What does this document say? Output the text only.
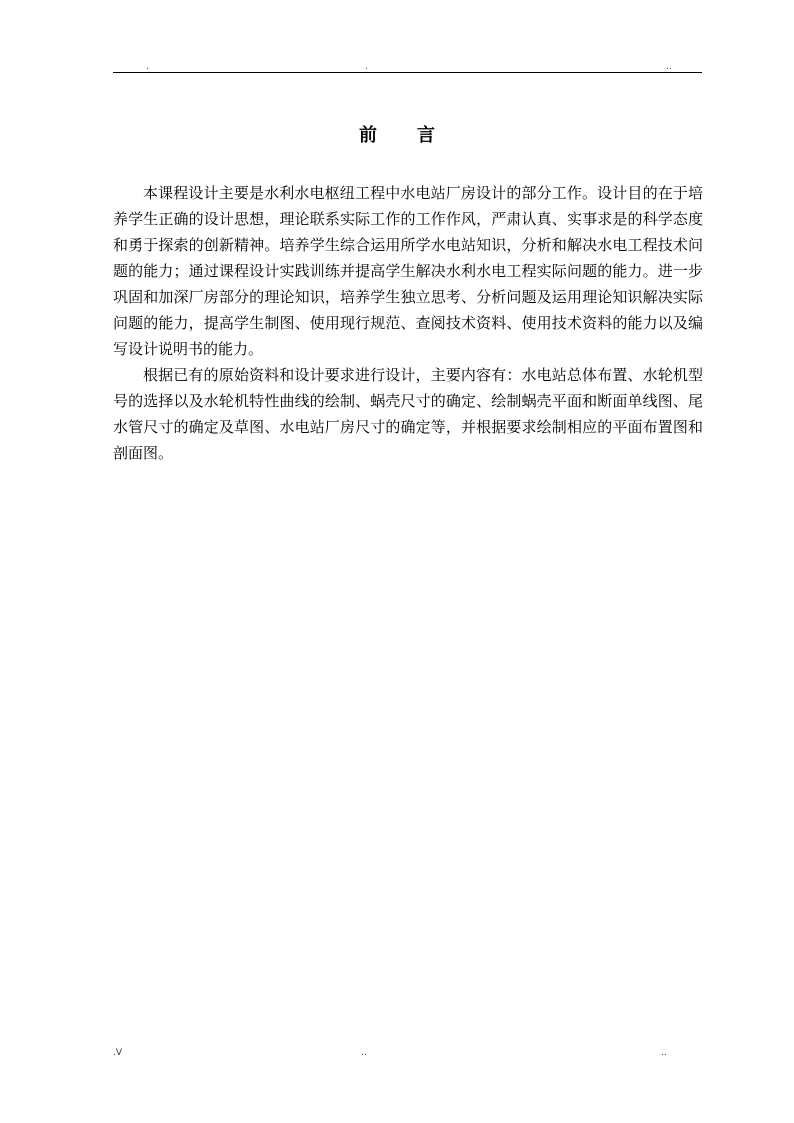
.	.	..
前言

本课程设计主要是水利水电枢纽工程中水电站厂房设计的部分工作。设计目的在于培养学生正确的设计思想，理论联系实际工作的工作作风，严肃认真、实事求是的科学态度和勇于探索的创新精神。培养学生综合运用所学水电站知识，分析和解决水电工程技术问题的能力；通过课程设计实践训练并提高学生解决水利水电工程实际问题的能力。进一步巩固和加深厂房部分的理论知识，培养学生独立思考、分析问题及运用理论知识解决实际问题的能力，提高学生制图、使用现行规范、查阅技术资料、使用技术资料的能力以及编写设计说明书的能力。

根据已有的原始资料和设计要求进行设计，主要内容有：水电站总体布置、水轮机型号的选择以及水轮机特性曲线的绘制、蜗壳尺寸的确定、绘制蜗壳平面和断面单线图、尾水管尺寸的确定及草图、水电站厂房尺寸的确定等，并根据要求绘制相应的平面布置图和剖面图。

.V	..	..
